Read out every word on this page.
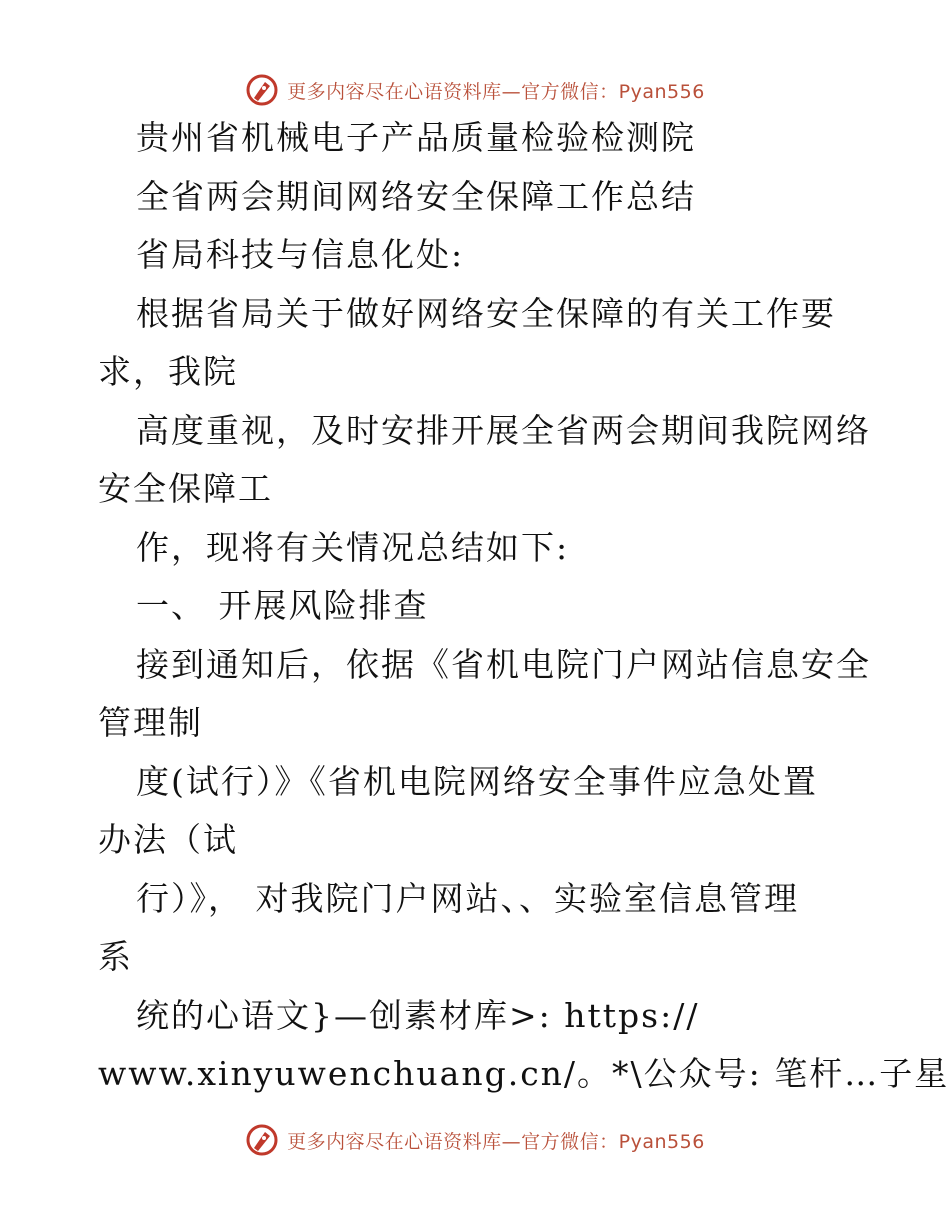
更多内容尽在心语资料库—官方微信：Pyan556
贵州省机械电子产品质量检验检测院
全省两会期间网络安全保障工作总结
省局科技与信息化处:
根据省局关于做好网络安全保障的有关工作要
求，我院
高度重视，及时安排开展全省两会期间我院网络
安全保障工
作，现将有关情况总结如下:
一、 开展风险排查
接到通知后，依据《省机电院门户网站信息安全
管理制
度(试行）》《省机电院网络安全事件应急处置
办法（试
行）》， 对我院门户网站、、实验室信息管理
系
统的心语文}—创素材库>: https://
www.xinyuwenchuang.cn/。*\公众号: 笔杆…子星
更多内容尽在心语资料库—官方微信：Pyan556
